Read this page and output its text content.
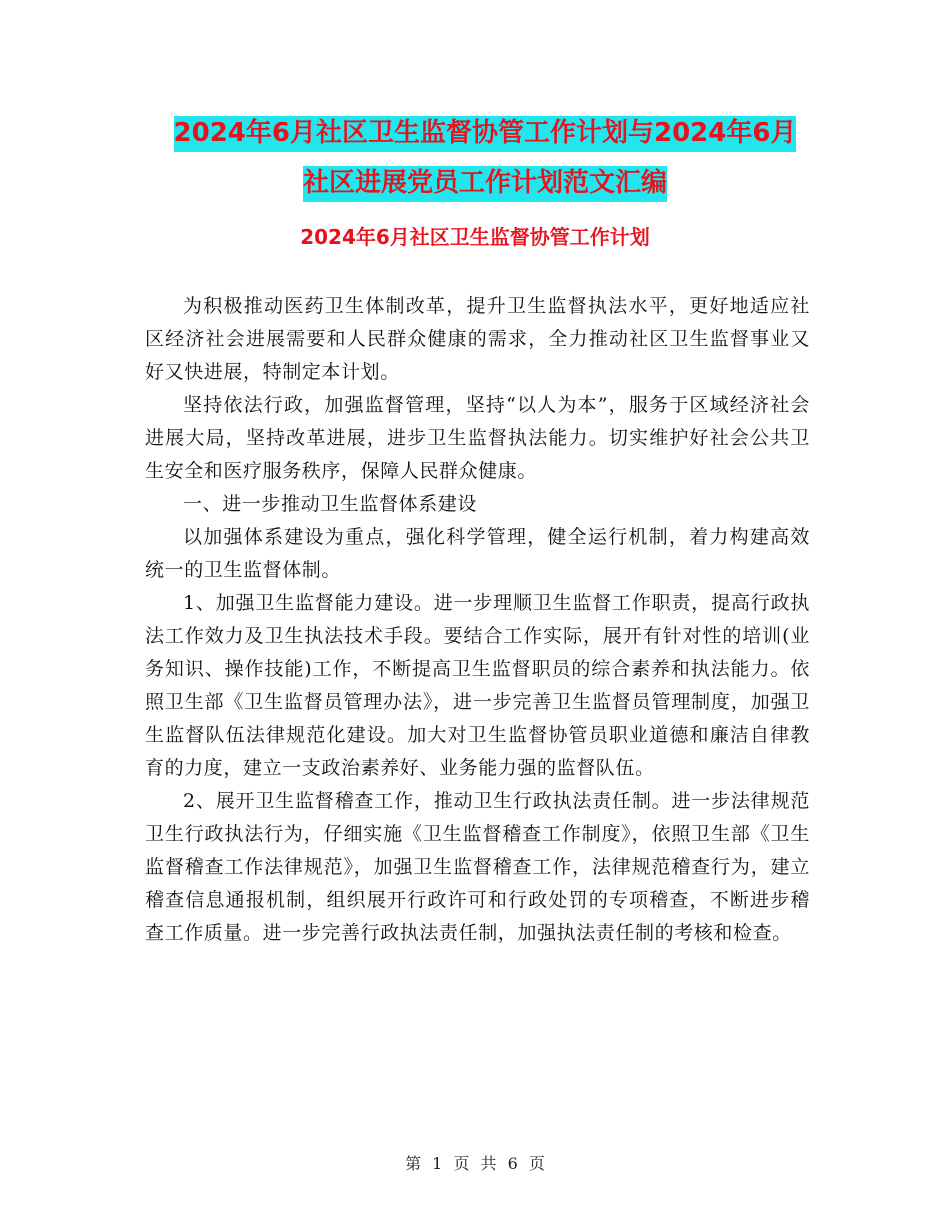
2024年6月社区卫生监督协管工作计划与2024年6月
社区进展党员工作计划范文汇编
2024年6月社区卫生监督协管工作计划

为积极推动医药卫生体制改革，提升卫生监督执法水平，更好地适应社区经济社会进展需要和人民群众健康的需求，全力推动社区卫生监督事业又好又快进展，特制定本计划。

坚持依法行政，加强监督管理，坚持“以人为本”，服务于区域经济社会进展大局，坚持改革进展，进步卫生监督执法能力。切实维护好社会公共卫生安全和医疗服务秩序，保障人民群众健康。

一、进一步推动卫生监督体系建设

以加强体系建设为重点，强化科学管理，健全运行机制，着力构建高效统一的卫生监督体制。

1、加强卫生监督能力建设。进一步理顺卫生监督工作职责，提高行政执法工作效力及卫生执法技术手段。要结合工作实际，展开有针对性的培训(业务知识、操作技能)工作，不断提高卫生监督职员的综合素养和执法能力。依照卫生部《卫生监督员管理办法》，进一步完善卫生监督员管理制度，加强卫生监督队伍法律规范化建设。加大对卫生监督协管员职业道德和廉洁自律教育的力度，建立一支政治素养好、业务能力强的监督队伍。

2、展开卫生监督稽查工作，推动卫生行政执法责任制。进一步法律规范卫生行政执法行为，仔细实施《卫生监督稽查工作制度》，依照卫生部《卫生监督稽查工作法律规范》，加强卫生监督稽查工作，法律规范稽查行为，建立稽查信息通报机制，组织展开行政许可和行政处罚的专项稽查，不断进步稽查工作质量。进一步完善行政执法责任制，加强执法责任制的考核和检查。

第 1 页 共 6 页
